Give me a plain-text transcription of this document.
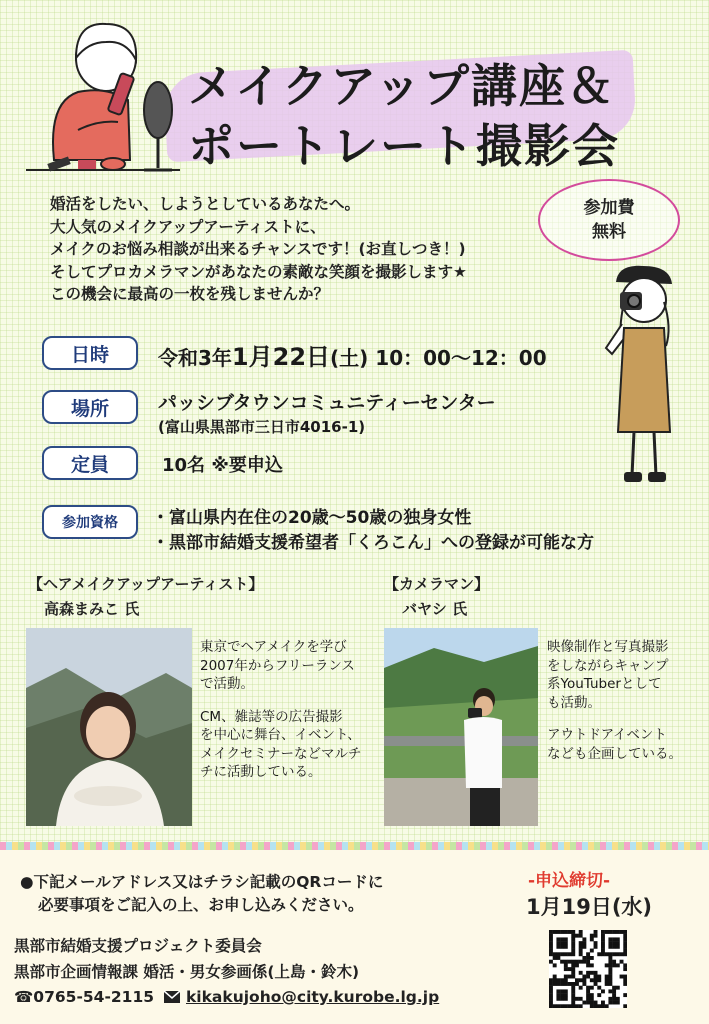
メイクアップ講座＆
ポートレート撮影会
婚活をしたい、しようとしているあなたへ。
大人気のメイクアップアーティストに、
メイクのお悩み相談が出来るチャンスです！(お直しつき！)
そしてプロカメラマンがあなたの素敵な笑顔を撮影します★
この機会に最高の一枚を残しませんか？
参加費
無料
日時	令和3年1月22日(土) 10：00〜12：00
場所	パッシブタウンコミュニティーセンター
(富山県黒部市三日市4016-1)
定員	10名 ※要申込
参加資格	・富山県内在住の20歳〜50歳の独身女性
・黒部市結婚支援希望者「くろこん」への登録が可能な方
【ヘアメイクアップアーティスト】
高森まみこ 氏

東京でヘアメイクを学び
2007年からフリーランス
で活動。

CM、雑誌等の広告撮影
を中心に舞台、イベント、
メイクセミナーなどマルチ
チに活動している。

【カメラマン】
バヤシ 氏

映像制作と写真撮影
をしながらキャンプ
系YouTuberとして
も活動。

アウトドアイベント
なども企画している。

●下記メールアドレス又はチラシ記載のQRコードに
必要事項をご記入の上、お申し込みください。
-申込締切-
1月19日(水)
黒部市結婚支援プロジェクト委員会
黒部市企画情報課 婚活・男女参画係(上島・鈴木)
☎0765-54-2115 kikakujoho@city.kurobe.lg.jp
